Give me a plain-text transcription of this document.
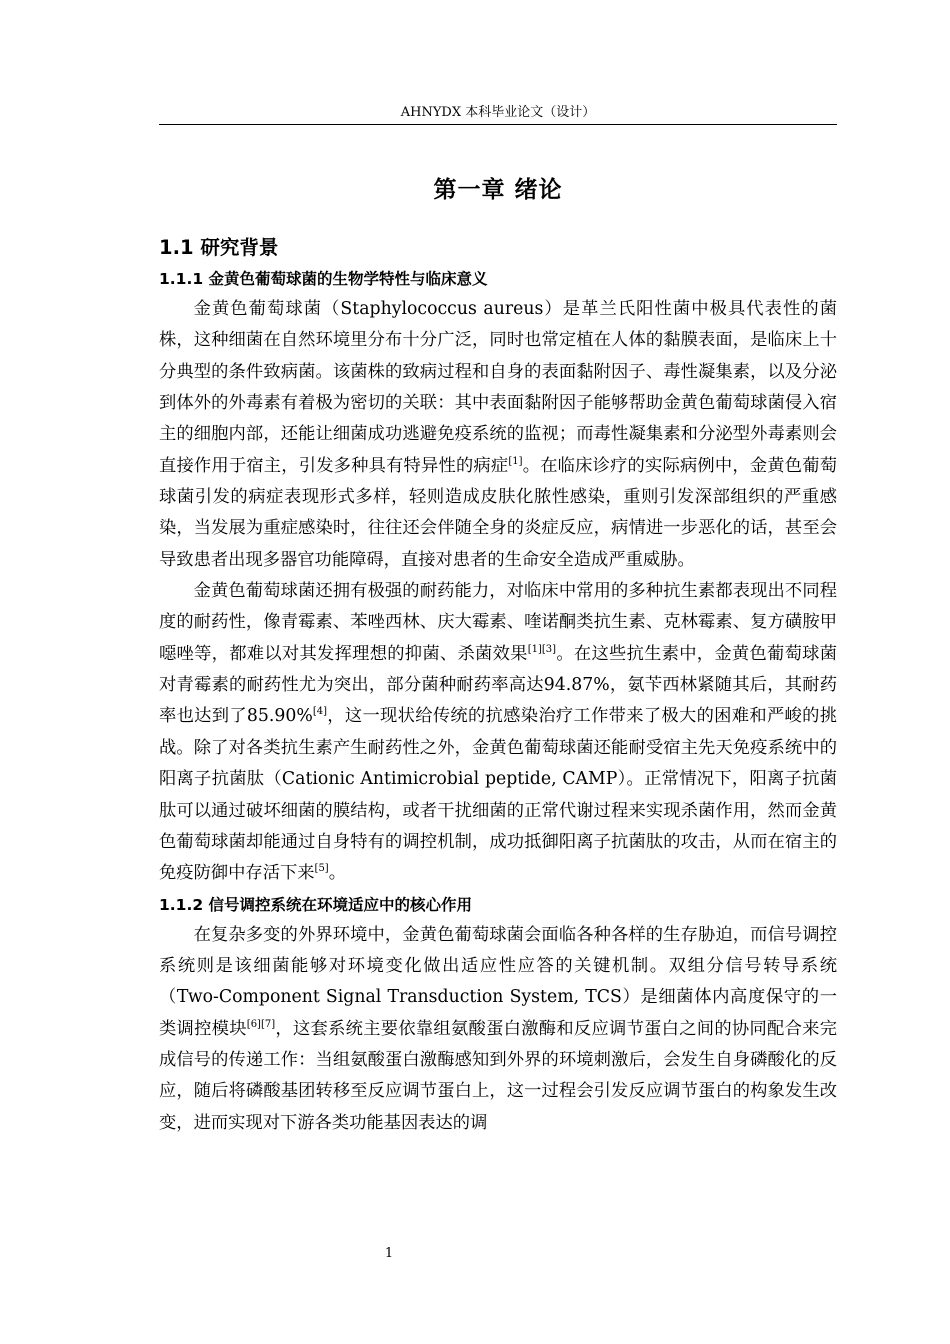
AHNYDX 本科毕业论文（设计）
第一章 绪论
1.1 研究背景
1.1.1 金黄色葡萄球菌的生物学特性与临床意义

金黄色葡萄球菌（Staphylococcus aureus）是革兰氏阳性菌中极具代表性的菌株，这种细菌在自然环境里分布十分广泛，同时也常定植在人体的黏膜表面，是临床上十分典型的条件致病菌。该菌株的致病过程和自身的表面黏附因子、毒性凝集素，以及分泌到体外的外毒素有着极为密切的关联：其中表面黏附因子能够帮助金黄色葡萄球菌侵入宿主的细胞内部，还能让细菌成功逃避免疫系统的监视；而毒性凝集素和分泌型外毒素则会直接作用于宿主，引发多种具有特异性的病症[1]。在临床诊疗的实际病例中，金黄色葡萄球菌引发的病症表现形式多样，轻则造成皮肤化脓性感染，重则引发深部组织的严重感染，当发展为重症感染时，往往还会伴随全身的炎症反应，病情进一步恶化的话，甚至会导致患者出现多器官功能障碍，直接对患者的生命安全造成严重威胁。

金黄色葡萄球菌还拥有极强的耐药能力，对临床中常用的多种抗生素都表现出不同程度的耐药性，像青霉素、苯唑西林、庆大霉素、喹诺酮类抗生素、克林霉素、复方磺胺甲噁唑等，都难以对其发挥理想的抑菌、杀菌效果[1][3]。在这些抗生素中，金黄色葡萄球菌对青霉素的耐药性尤为突出，部分菌种耐药率高达94.87%，氨苄西林紧随其后，其耐药率也达到了85.90%[4]，这一现状给传统的抗感染治疗工作带来了极大的困难和严峻的挑战。除了对各类抗生素产生耐药性之外，金黄色葡萄球菌还能耐受宿主先天免疫系统中的阳离子抗菌肽（Cationic Antimicrobial peptide, CAMP）。正常情况下，阳离子抗菌肽可以通过破坏细菌的膜结构，或者干扰细菌的正常代谢过程来实现杀菌作用，然而金黄色葡萄球菌却能通过自身特有的调控机制，成功抵御阳离子抗菌肽的攻击，从而在宿主的免疫防御中存活下来[5]。

1.1.2 信号调控系统在环境适应中的核心作用

在复杂多变的外界环境中，金黄色葡萄球菌会面临各种各样的生存胁迫，而信号调控系统则是该细菌能够对环境变化做出适应性应答的关键机制。双组分信号转导系统（Two-Component Signal Transduction System, TCS）是细菌体内高度保守的一类调控模块[6][7]，这套系统主要依靠组氨酸蛋白激酶和反应调节蛋白之间的协同配合来完成信号的传递工作：当组氨酸蛋白激酶感知到外界的环境刺激后，会发生自身磷酸化的反应，随后将磷酸基团转移至反应调节蛋白上，这一过程会引发反应调节蛋白的构象发生改变，进而实现对下游各类功能基因表达的调

1
